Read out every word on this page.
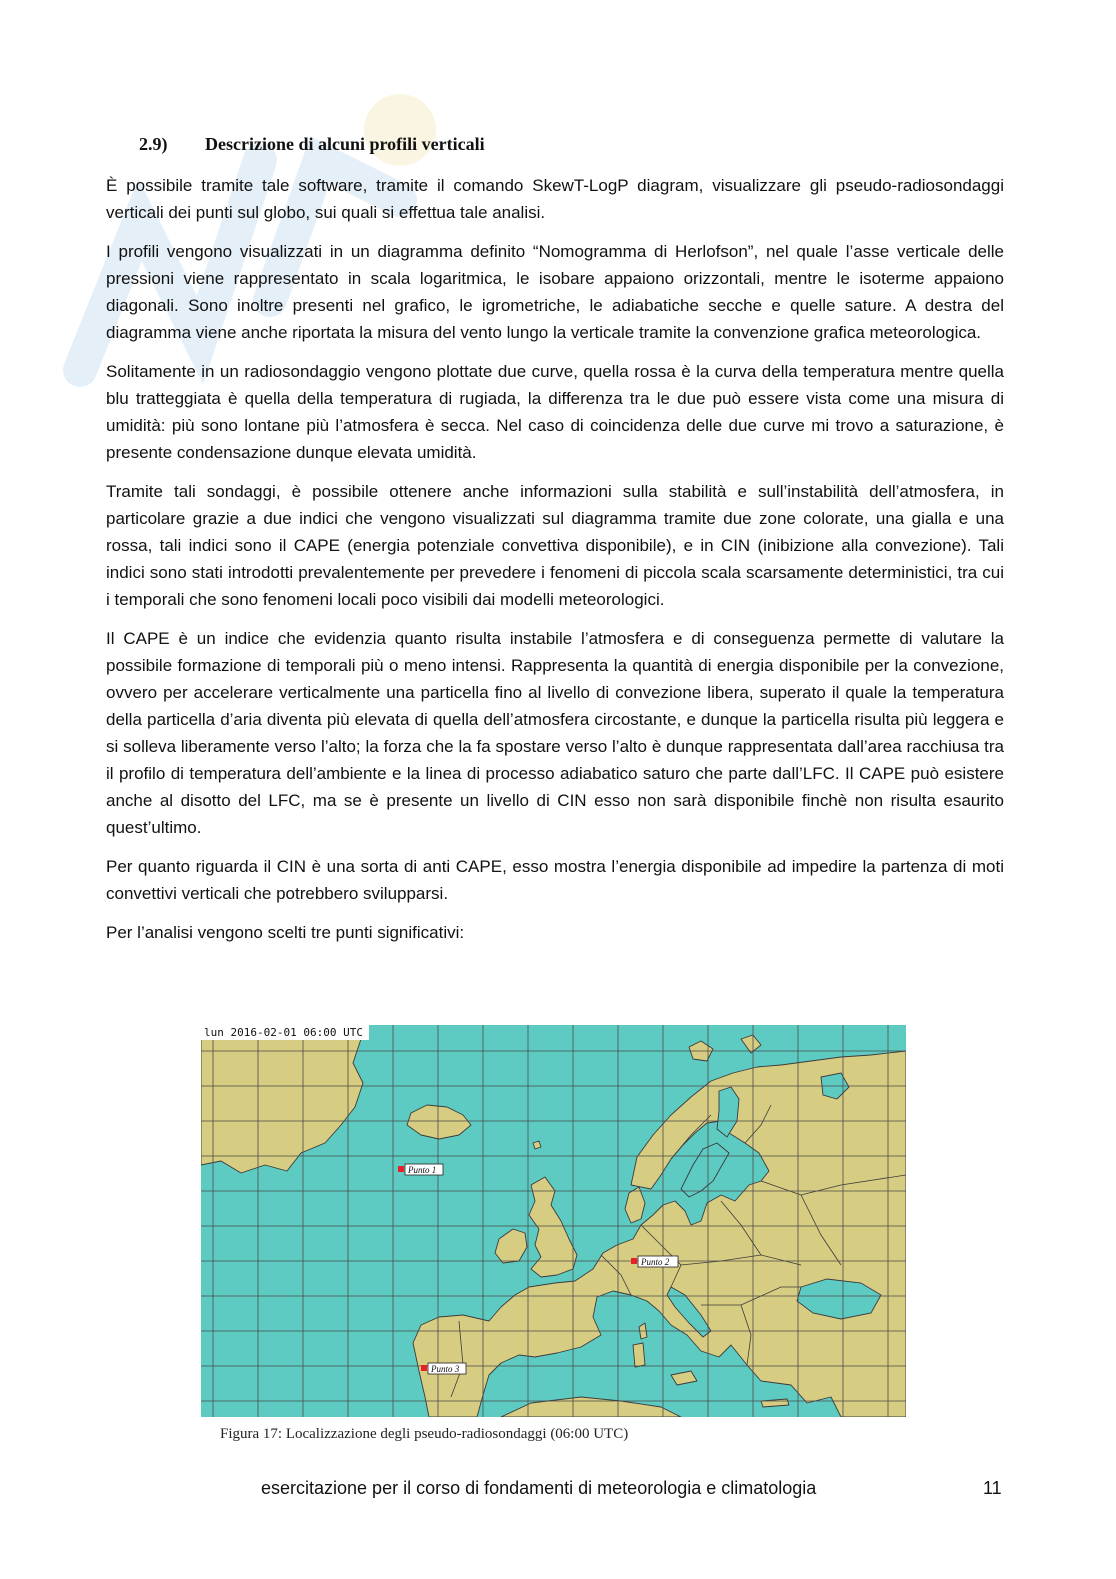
2.9) Descrizione di alcuni profili verticali

È possibile tramite tale software, tramite il comando SkewT-LogP diagram, visualizzare gli pseudo-radiosondaggi verticali dei punti sul globo, sui quali si effettua tale analisi.

I profili vengono visualizzati in un diagramma definito “Nomogramma di Herlofson”, nel quale l’asse verticale delle pressioni viene rappresentato in scala logaritmica, le isobare appaiono orizzontali, mentre le isoterme appaiono diagonali. Sono inoltre presenti nel grafico, le igrometriche, le adiabatiche secche e quelle sature. A destra del diagramma viene anche riportata la misura del vento lungo la verticale tramite la convenzione grafica meteorologica.

Solitamente in un radiosondaggio vengono plottate due curve, quella rossa è la curva della temperatura mentre quella blu tratteggiata è quella della temperatura di rugiada, la differenza tra le due può essere vista come una misura di umidità: più sono lontane più l’atmosfera è secca. Nel caso di coincidenza delle due curve mi trovo a saturazione, è presente condensazione dunque elevata umidità.

Tramite tali sondaggi, è possibile ottenere anche informazioni sulla stabilità e sull’instabilità dell’atmosfera, in particolare grazie a due indici che vengono visualizzati sul diagramma tramite due zone colorate, una gialla e una rossa, tali indici sono il CAPE (energia potenziale convettiva disponibile), e in CIN (inibizione alla convezione). Tali indici sono stati introdotti prevalentemente per prevedere i fenomeni di piccola scala scarsamente deterministici, tra cui i temporali che sono fenomeni locali poco visibili dai modelli meteorologici.

Il CAPE è un indice che evidenzia quanto risulta instabile l’atmosfera e di conseguenza permette di valutare la possibile formazione di temporali più o meno intensi. Rappresenta la quantità di energia disponibile per la convezione, ovvero per accelerare verticalmente una particella fino al livello di convezione libera, superato il quale la temperatura della particella d’aria diventa più elevata di quella dell’atmosfera circostante, e dunque la particella risulta più leggera e si solleva liberamente verso l’alto; la forza che la fa spostare verso l’alto è dunque rappresentata dall’area racchiusa tra il profilo di temperatura dell’ambiente e la linea di processo adiabatico saturo che parte dall’LFC. Il CAPE può esistere anche al disotto del LFC, ma se è presente un livello di CIN esso non sarà disponibile finchè non risulta esaurito quest’ultimo.

Per quanto riguarda il CIN è una sorta di anti CAPE, esso mostra l’energia disponibile ad impedire la partenza di moti convettivi verticali che potrebbero svilupparsi.

Per l’analisi vengono scelti tre punti significativi:

lun 2016-02-01 06:00 UTC
Punto 1
Punto 2
Punto 3

Figura 17: Localizzazione degli pseudo-radiosondaggi (06:00 UTC)

esercitazione per il corso di fondamenti di meteorologia e climatologia	11
